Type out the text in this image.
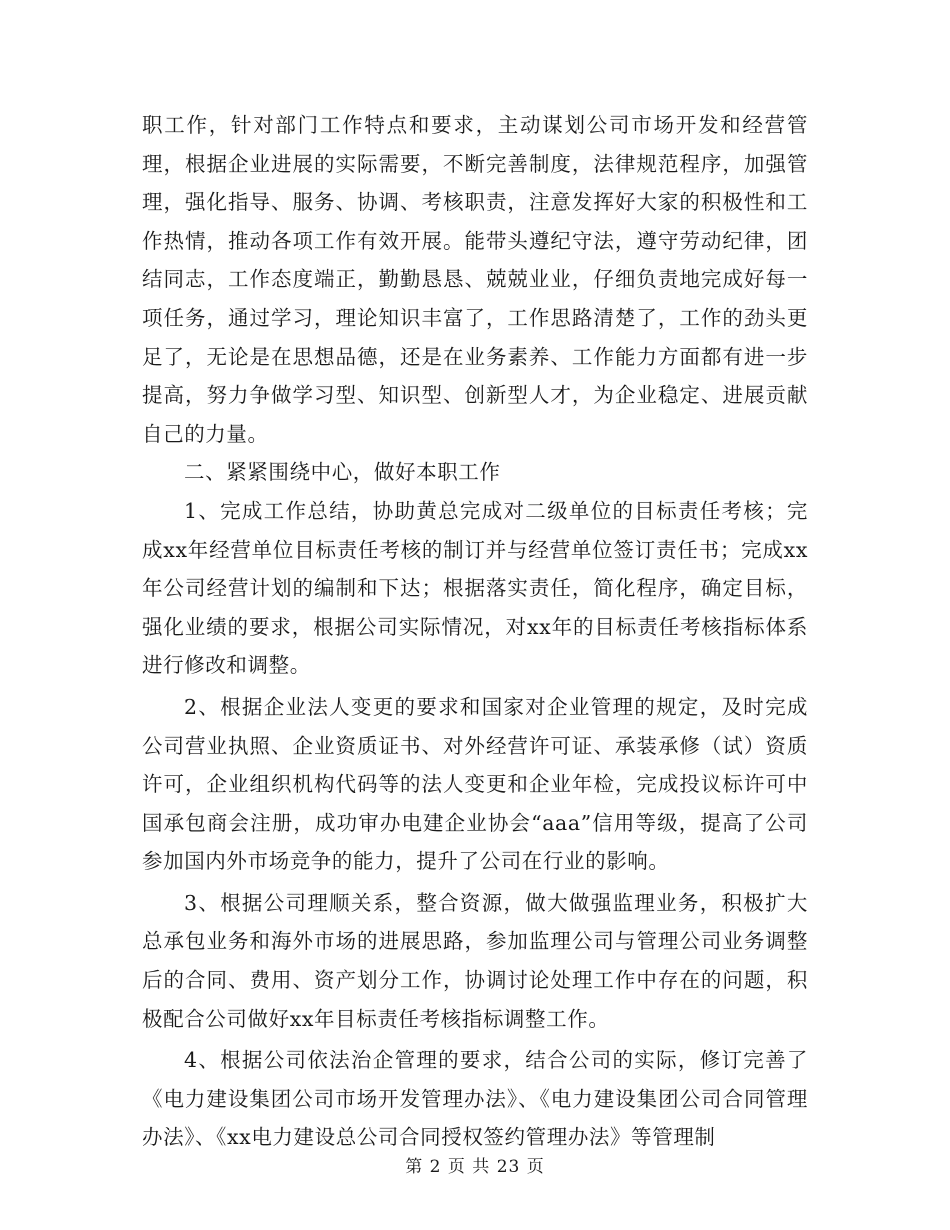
职工作，针对部门工作特点和要求，主动谋划公司市场开发和经营管理，根据企业进展的实际需要，不断完善制度，法律规范程序，加强管理，强化指导、服务、协调、考核职责，注意发挥好大家的积极性和工作热情，推动各项工作有效开展。能带头遵纪守法，遵守劳动纪律，团结同志，工作态度端正，勤勤恳恳、兢兢业业，仔细负责地完成好每一项任务，通过学习，理论知识丰富了，工作思路清楚了，工作的劲头更足了，无论是在思想品德，还是在业务素养、工作能力方面都有进一步提高，努力争做学习型、知识型、创新型人才，为企业稳定、进展贡献自己的力量。

二、紧紧围绕中心，做好本职工作

1、完成工作总结，协助黄总完成对二级单位的目标责任考核；完成xx年经营单位目标责任考核的制订并与经营单位签订责任书；完成xx年公司经营计划的编制和下达；根据落实责任，简化程序，确定目标，强化业绩的要求，根据公司实际情况，对xx年的目标责任考核指标体系进行修改和调整。

2、根据企业法人变更的要求和国家对企业管理的规定，及时完成公司营业执照、企业资质证书、对外经营许可证、承装承修（试）资质许可，企业组织机构代码等的法人变更和企业年检，完成投议标许可中国承包商会注册，成功审办电建企业协会“aaa”信用等级，提高了公司参加国内外市场竞争的能力，提升了公司在行业的影响。

3、根据公司理顺关系，整合资源，做大做强监理业务，积极扩大总承包业务和海外市场的进展思路，参加监理公司与管理公司业务调整后的合同、费用、资产划分工作，协调讨论处理工作中存在的问题，积极配合公司做好xx年目标责任考核指标调整工作。

4、根据公司依法治企管理的要求，结合公司的实际，修订完善了《电力建设集团公司市场开发管理办法》、《电力建设集团公司合同管理办法》、《xx电力建设总公司合同授权签约管理办法》等管理制

第 2 页 共 23 页
